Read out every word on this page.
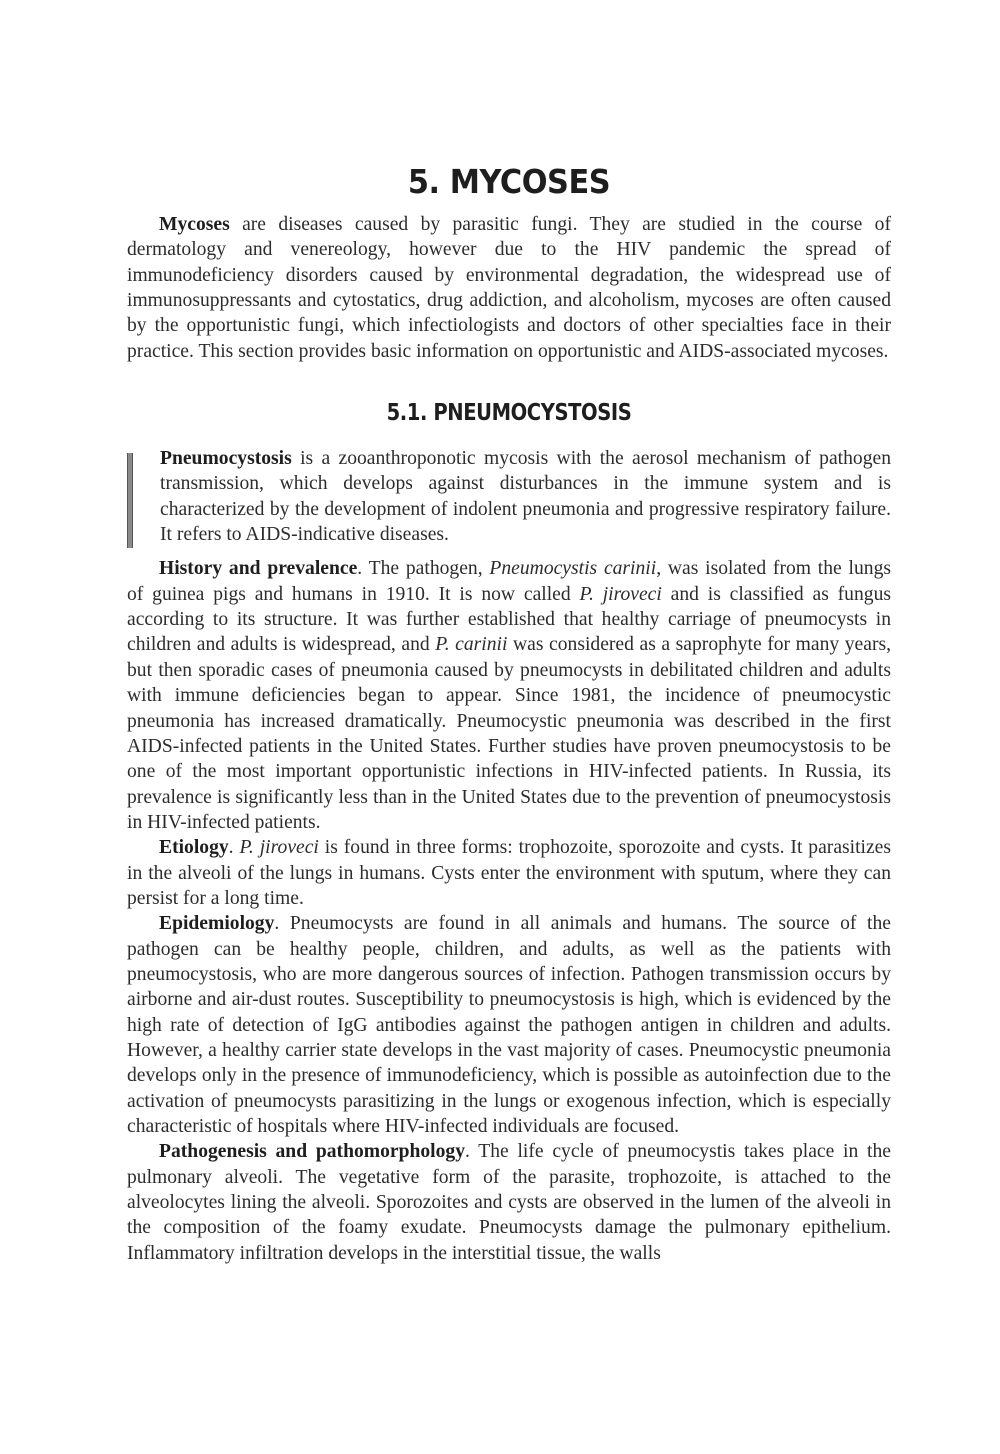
5. MYCOSES

Mycoses are diseases caused by parasitic fungi. They are studied in the course of dermatology and venereology, however due to the HIV pandemic the spread of immunodeficiency disorders caused by environmental degradation, the widespread use of immunosuppressants and cytostatics, drug addiction, and alcoholism, mycoses are often caused by the opportunistic fungi, which infectiologists and doctors of other specialties face in their practice. This section provides basic information on opportunistic and AIDS-associated mycoses.

5.1. PNEUMOCYSTOSIS

Pneumocystosis is a zooanthroponotic mycosis with the aerosol mechanism of pathogen transmission, which develops against disturbances in the immune system and is characterized by the development of indolent pneumonia and progressive respiratory failure. It refers to AIDS-indicative diseases.

History and prevalence. The pathogen, Pneumocystis carinii, was isolated from the lungs of guinea pigs and humans in 1910. It is now called P. jiroveci and is classified as fungus according to its structure. It was further established that healthy carriage of pneumocysts in children and adults is widespread, and P. carinii was considered as a saprophyte for many years, but then sporadic cases of pneumonia caused by pneumocysts in debilitated children and adults with immune deficiencies began to appear. Since 1981, the incidence of pneumocystic pneumonia has increased dramatically. Pneumocystic pneumonia was described in the first AIDS-infected patients in the United States. Further studies have proven pneumocystosis to be one of the most important opportunistic infections in HIV-infected patients. In Russia, its prevalence is significantly less than in the United States due to the prevention of pneumocystosis in HIV-infected patients.

Etiology. P. jiroveci is found in three forms: trophozoite, sporozoite and cysts. It parasitizes in the alveoli of the lungs in humans. Cysts enter the environment with sputum, where they can persist for a long time.

Epidemiology. Pneumocysts are found in all animals and humans. The source of the pathogen can be healthy people, children, and adults, as well as the patients with pneumocystosis, who are more dangerous sources of infection. Pathogen transmission occurs by airborne and air-dust routes. Susceptibility to pneumocystosis is high, which is evidenced by the high rate of detection of IgG antibodies against the pathogen antigen in children and adults. However, a healthy carrier state develops in the vast majority of cases. Pneumocystic pneumonia develops only in the presence of immunodeficiency, which is possible as autoinfection due to the activation of pneumocysts parasitizing in the lungs or exogenous infection, which is especially characteristic of hospitals where HIV-infected individuals are focused.

Pathogenesis and pathomorphology. The life cycle of pneumocystis takes place in the pulmonary alveoli. The vegetative form of the parasite, trophozoite, is attached to the alveolocytes lining the alveoli. Sporozoites and cysts are observed in the lumen of the alveoli in the composition of the foamy exudate. Pneumocysts damage the pulmonary epithelium. Inflammatory infiltration develops in the interstitial tissue, the walls
